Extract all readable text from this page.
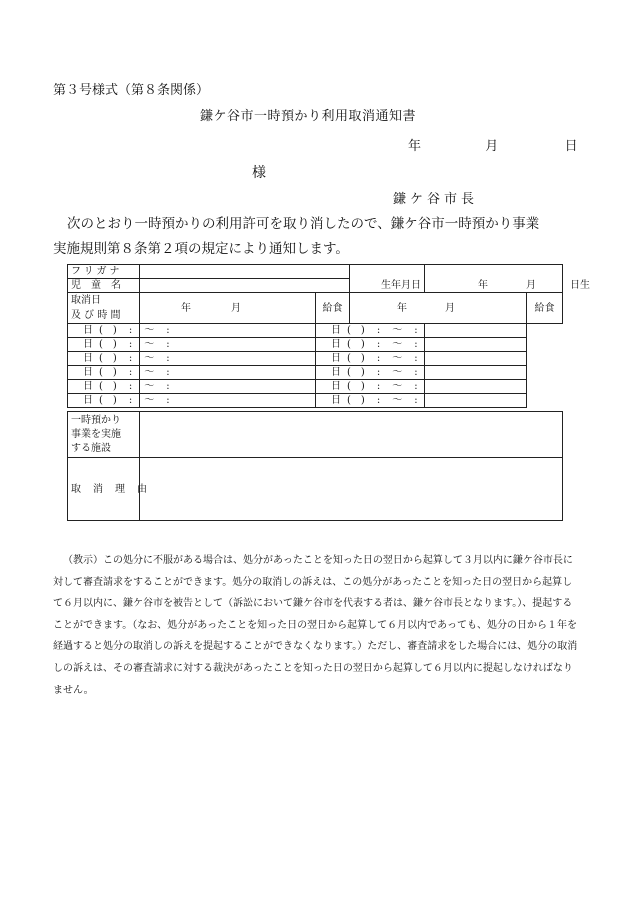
第３号様式（第８条関係）
鎌ケ谷市一時預かり利用取消通知書
年	月	日
様
鎌ケ谷市長
次のとおり一時預かりの利用許可を取り消したので、鎌ケ谷市一時預かり事業
実施規則第８条第２項の規定により通知します。
フリガナ			生年月日	年 月 日生	
児　童　名					

取消日
及 び 時 間	年 月	給食	年 月		給食
日 (　) : 〜 :		日 (　) : 〜 :			
日 (　) : 〜 :		日 (　) : 〜 :			
日 (　) : 〜 :		日 (　) : 〜 :			
日 (　) : 〜 :		日 (　) : 〜 :			
日 (　) : 〜 :		日 (　) : 〜 :			
日 (　) : 〜 :		日 (　) : 〜 :			
一時預かり
事業を実施
する施設	

取　消　理　由	
（教示）この処分に不服がある場合は、処分があったことを知った日の翌日から起算して３月以内に鎌ケ谷市長に対して審査請求をすることができます。処分の取消しの訴えは、この処分があったことを知った日の翌日から起算して６月以内に、鎌ケ谷市を被告として（訴訟において鎌ケ谷市を代表する者は、鎌ケ谷市長となります。）、提起することができます。（なお、処分があったことを知った日の翌日から起算して６月以内であっても、処分の日から１年を経過すると処分の取消しの訴えを提起することができなくなります。）ただし、審査請求をした場合には、処分の取消しの訴えは、その審査請求に対する裁決があったことを知った日の翌日から起算して６月以内に提起しなければなりません。
